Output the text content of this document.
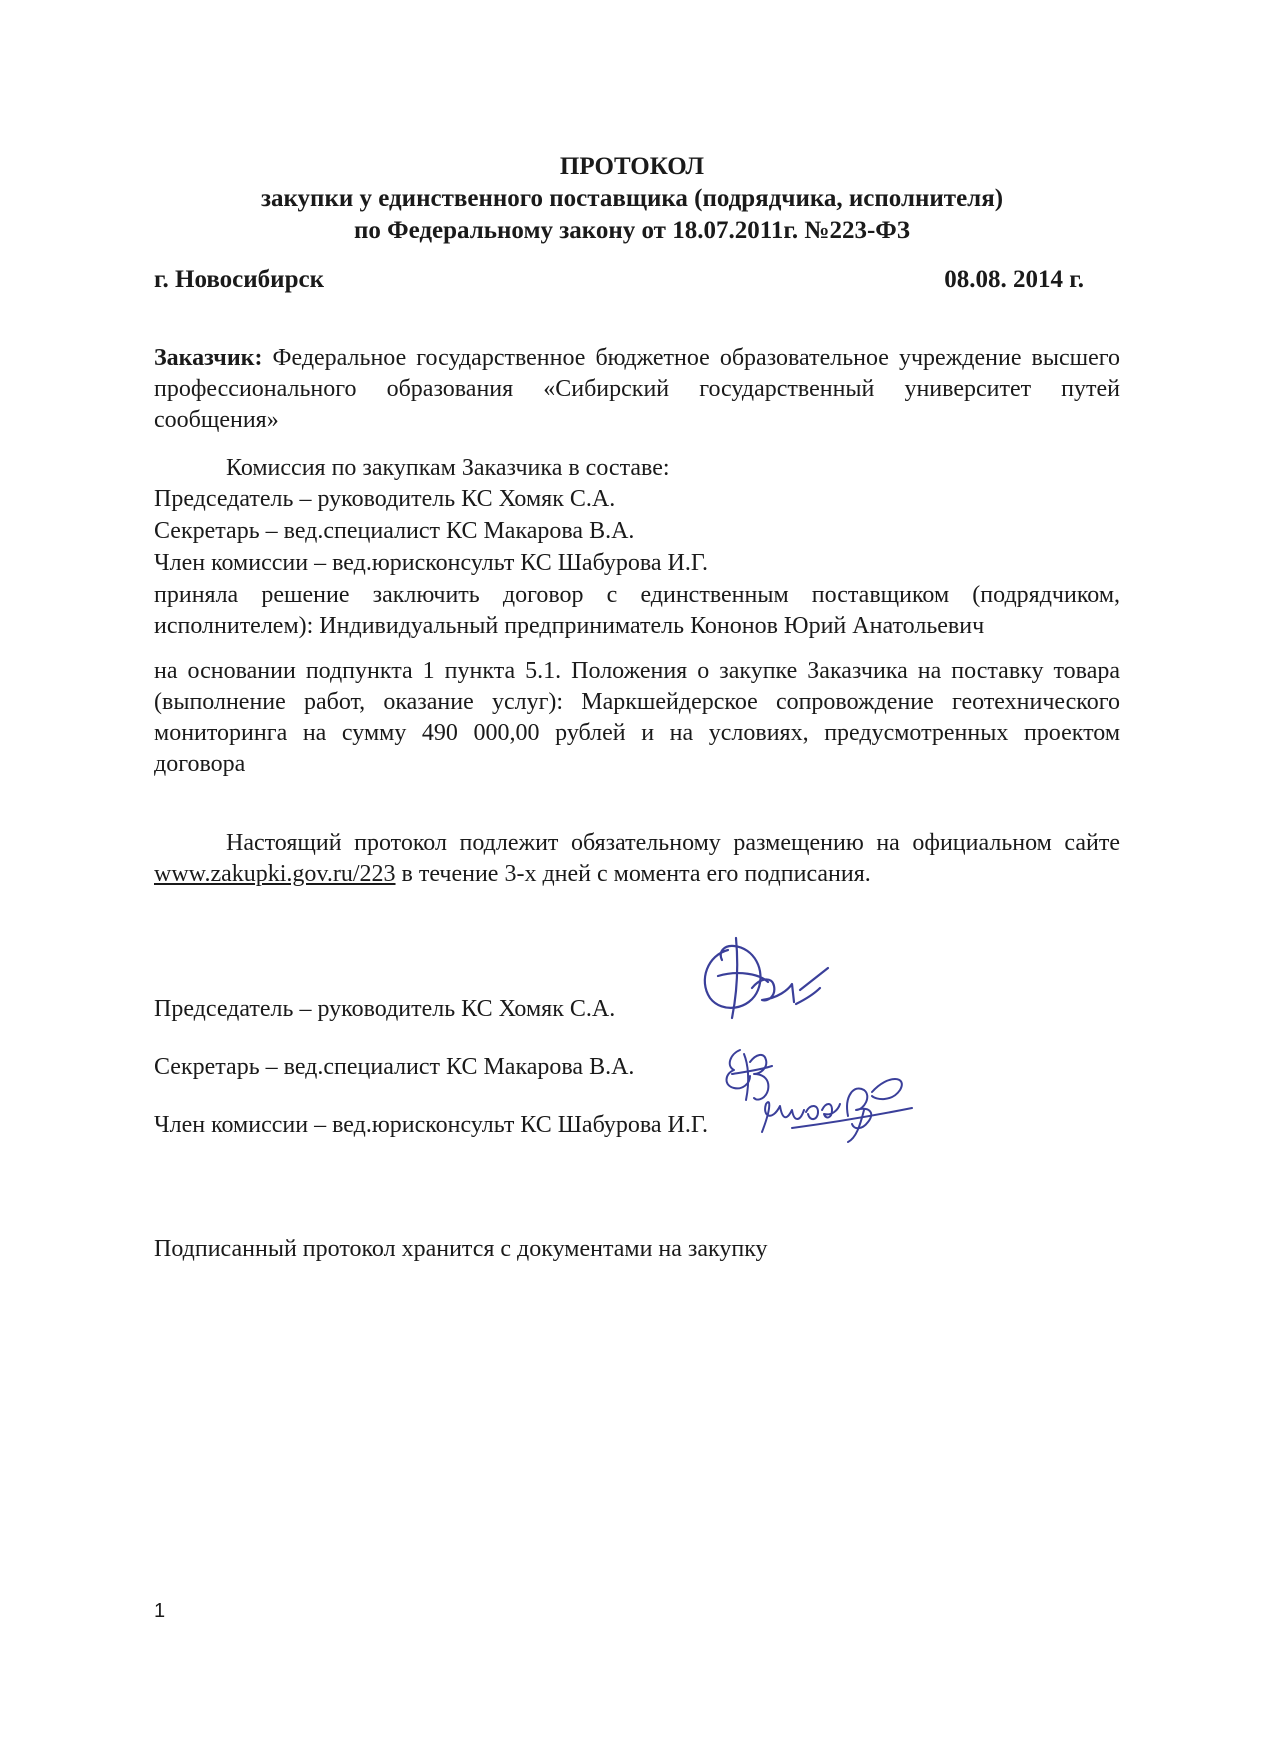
ПРОТОКОЛ
закупки у единственного поставщика (подрядчика, исполнителя)
по Федеральному закону от 18.07.2011г. №223-ФЗ
г. Новосибирск	08.08. 2014 г.
Заказчик: Федеральное государственное бюджетное образовательное учреждение высшего профессионального образования «Сибирский государственный университет путей сообщения»
Комиссия по закупкам Заказчика в составе:
Председатель – руководитель КС Хомяк С.А.
Секретарь – вед.специалист КС Макарова В.А.
Член комиссии – вед.юрисконсульт КС Шабурова И.Г.
приняла решение заключить договор с единственным поставщиком (подрядчиком, исполнителем): Индивидуальный предприниматель Кононов Юрий Анатольевич
на основании подпункта 1 пункта 5.1. Положения о закупке Заказчика на поставку товара (выполнение работ, оказание услуг): Маркшейдерское сопровождение геотехнического мониторинга на сумму 490 000,00 рублей и на условиях, предусмотренных проектом договора
Настоящий протокол подлежит обязательному размещению на официальном сайте www.zakupki.gov.ru/223 в течение 3-х дней с момента его подписания.
Председатель – руководитель КС Хомяк С.А.
Секретарь – вед.специалист КС Макарова В.А.
Член комиссии – вед.юрисконсульт КС Шабурова И.Г.
Подписанный протокол хранится с документами на закупку
1
